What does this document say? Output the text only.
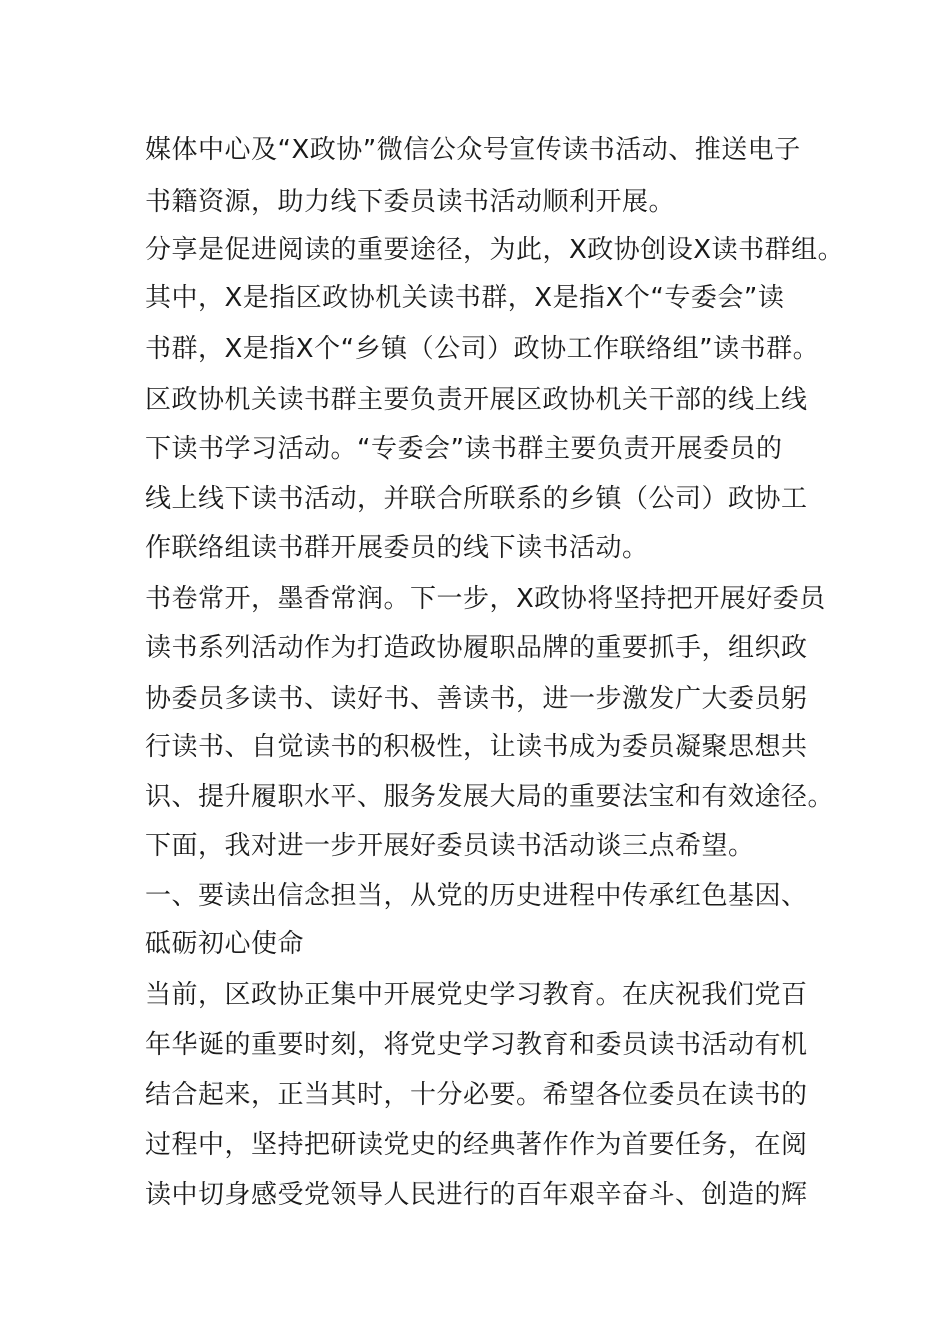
媒体中心及“X政协”微信公众号宣传读书活动、推送电子
书籍资源，助力线下委员读书活动顺利开展。
分享是促进阅读的重要途径，为此，X政协创设X读书群组。
其中，X是指区政协机关读书群，X是指X个“专委会”读
书群，X是指X个“乡镇（公司）政协工作联络组”读书群。
区政协机关读书群主要负责开展区政协机关干部的线上线
下读书学习活动。“专委会”读书群主要负责开展委员的
线上线下读书活动，并联合所联系的乡镇（公司）政协工
作联络组读书群开展委员的线下读书活动。
书卷常开，墨香常润。下一步，X政协将坚持把开展好委员
读书系列活动作为打造政协履职品牌的重要抓手，组织政
协委员多读书、读好书、善读书，进一步激发广大委员躬
行读书、自觉读书的积极性，让读书成为委员凝聚思想共
识、提升履职水平、服务发展大局的重要法宝和有效途径。
下面，我对进一步开展好委员读书活动谈三点希望。
一、要读出信念担当，从党的历史进程中传承红色基因、
砥砺初心使命
当前，区政协正集中开展党史学习教育。在庆祝我们党百
年华诞的重要时刻，将党史学习教育和委员读书活动有机
结合起来，正当其时，十分必要。希望各位委员在读书的
过程中，坚持把研读党史的经典著作作为首要任务，在阅
读中切身感受党领导人民进行的百年艰辛奋斗、创造的辉
